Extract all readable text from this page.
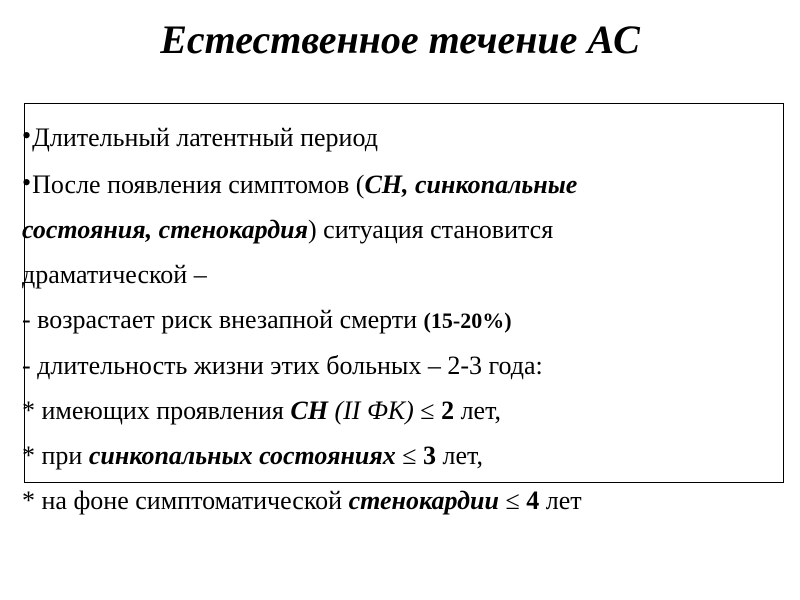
Естественное течение АС
•Длительный латентный период
•После появления симптомов (СН, синкопальные
состояния, стенокардия) ситуация становится
драматической –
- возрастает риск внезапной смерти (15-20%)
- длительность жизни этих больных – 2-3 года:
* имеющих проявления СН (II ФК) ≤ 2 лет,
* при синкопальных состояниях ≤ 3 лет,
* на фоне симптоматической стенокардии ≤ 4 лет
